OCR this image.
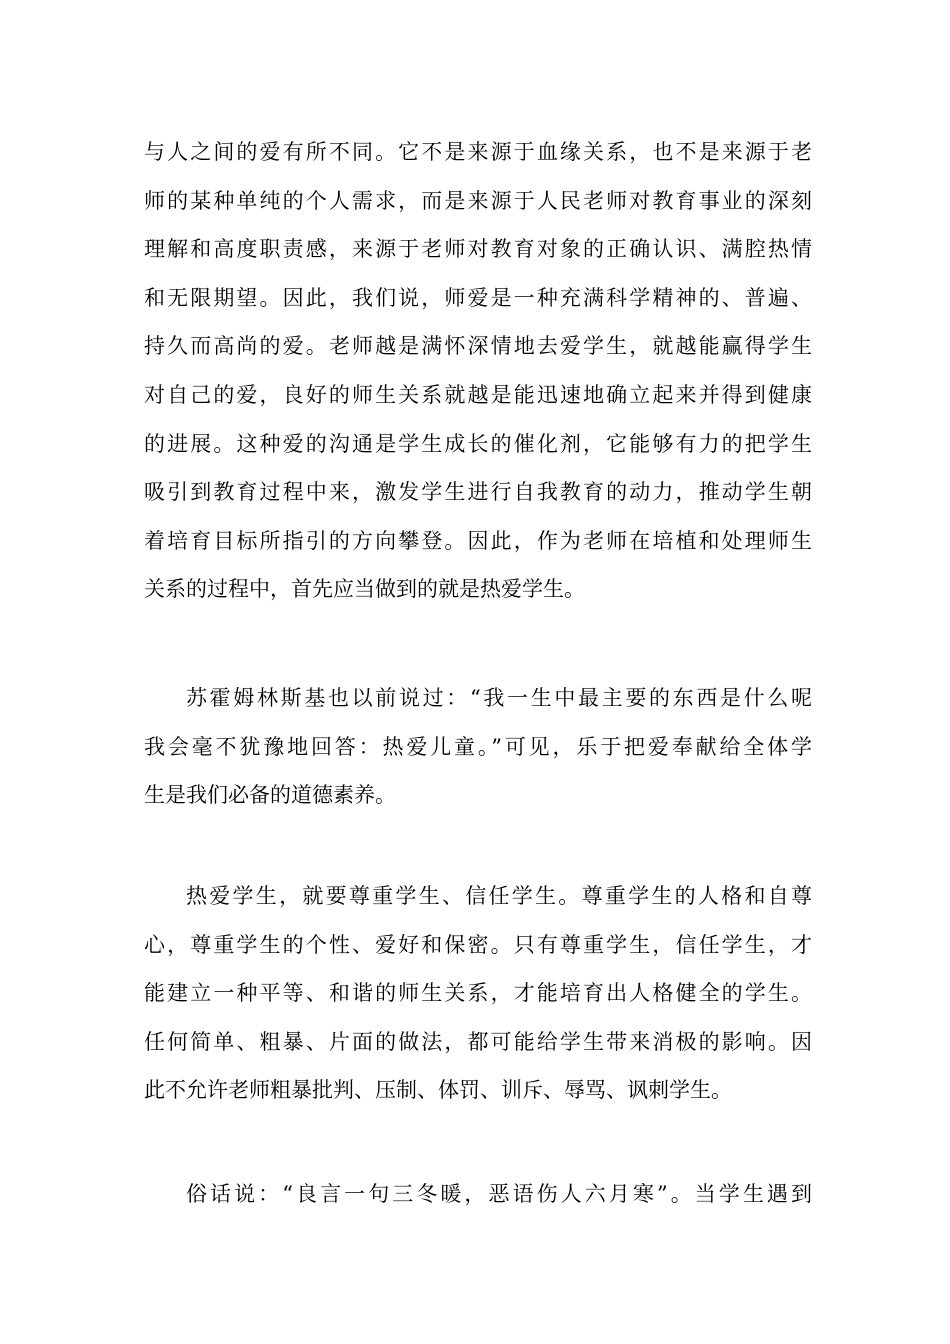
与人之间的爱有所不同。它不是来源于血缘关系，也不是来源于老
师的某种单纯的个人需求，而是来源于人民老师对教育事业的深刻
理解和高度职责感，来源于老师对教育对象的正确认识、满腔热情
和无限期望。因此，我们说，师爱是一种充满科学精神的、普遍、
持久而高尚的爱。老师越是满怀深情地去爱学生，就越能赢得学生
对自己的爱，良好的师生关系就越是能迅速地确立起来并得到健康
的进展。这种爱的沟通是学生成长的催化剂，它能够有力的把学生
吸引到教育过程中来，激发学生进行自我教育的动力，推动学生朝
着培育目标所指引的方向攀登。因此，作为老师在培植和处理师生
关系的过程中，首先应当做到的就是热爱学生。
苏霍姆林斯基也以前说过：“我一生中最主要的东西是什么呢
我会毫不犹豫地回答：热爱儿童。”可见，乐于把爱奉献给全体学
生是我们必备的道德素养。
热爱学生，就要尊重学生、信任学生。尊重学生的人格和自尊
心，尊重学生的个性、爱好和保密。只有尊重学生，信任学生，才
能建立一种平等、和谐的师生关系，才能培育出人格健全的学生。
任何简单、粗暴、片面的做法，都可能给学生带来消极的影响。因
此不允许老师粗暴批判、压制、体罚、训斥、辱骂、讽刺学生。
俗话说：“良言一句三冬暖，恶语伤人六月寒”。当学生遇到
